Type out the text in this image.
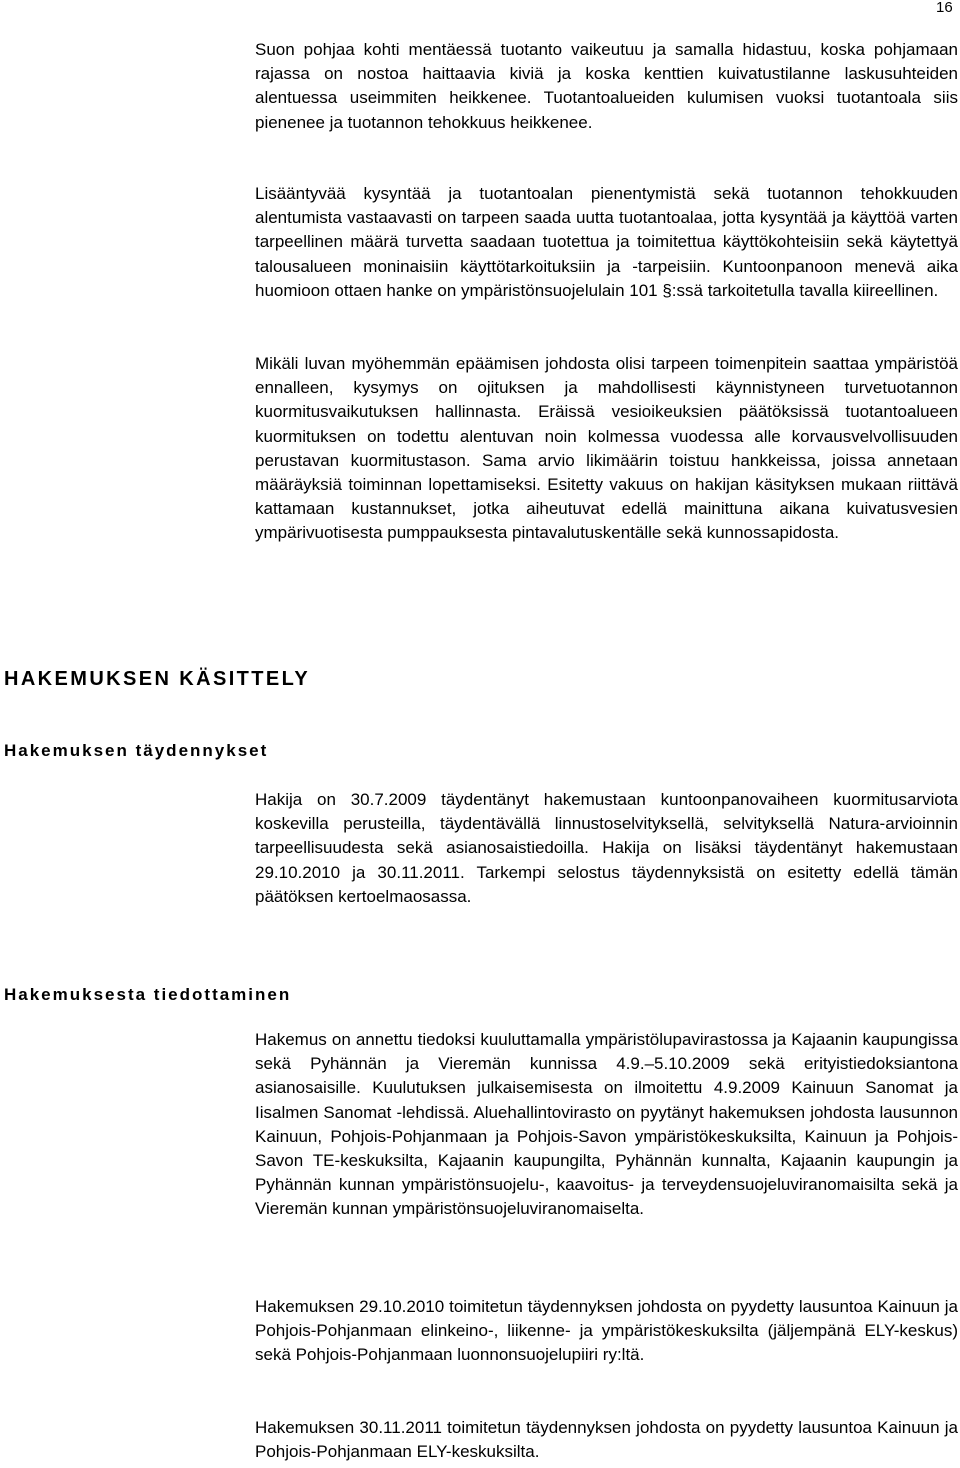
16

Suon pohjaa kohti mentäessä tuotanto vaikeutuu ja samalla hidastuu, koska pohjamaan rajassa on nostoa haittaavia kiviä ja koska kenttien kuivatustilanne laskusuhteiden alentuessa useimmiten heikkenee. Tuotantoalueiden kulumisen vuoksi tuotantoala siis pienenee ja tuotannon tehokkuus heikkenee.

Lisääntyvää kysyntää ja tuotantoalan pienentymistä sekä tuotannon tehokkuuden alentumista vastaavasti on tarpeen saada uutta tuotantoalaa, jotta kysyntää ja käyttöä varten tarpeellinen määrä turvetta saadaan tuotettua ja toimitettua käyttökohteisiin sekä käytettyä talousalueen moninaisiin käyttötarkoituksiin ja -tarpeisiin. Kuntoonpanoon menevä aika huomioon ottaen hanke on ympäristönsuojelulain 101 §:ssä tarkoitetulla tavalla kiireellinen.

Mikäli luvan myöhemmän epäämisen johdosta olisi tarpeen toimenpitein saattaa ympäristöä ennalleen, kysymys on ojituksen ja mahdollisesti käynnistyneen turvetuotannon kuormitusvaikutuksen hallinnasta. Eräissä vesioikeuksien päätöksissä tuotantoalueen kuormituksen on todettu alentuvan noin kolmessa vuodessa alle korvausvelvollisuuden perustavan kuormitustason. Sama arvio likimäärin toistuu hankkeissa, joissa annetaan määräyksiä toiminnan lopettamiseksi. Esitetty vakuus on hakijan käsityksen mukaan riittävä kattamaan kustannukset, jotka aiheutuvat edellä mainittuna aikana kuivatusvesien ympärivuotisesta pumppauksesta pintavalutuskentälle sekä kunnossapidosta.

HAKEMUKSEN KÄSITTELY
Hakemuksen täydennykset

Hakija on 30.7.2009 täydentänyt hakemustaan kuntoonpanovaiheen kuormitusarviota koskevilla perusteilla, täydentävällä linnustoselvityksellä, selvityksellä Natura-arvioinnin tarpeellisuudesta sekä asianosaistiedoilla. Hakija on lisäksi täydentänyt hakemustaan 29.10.2010 ja 30.11.2011. Tarkempi selostus täydennyksistä on esitetty edellä tämän päätöksen kertoelmaosassa.

Hakemuksesta tiedottaminen

Hakemus on annettu tiedoksi kuuluttamalla ympäristölupavirastossa ja Kajaanin kaupungissa sekä Pyhännän ja Vieremän kunnissa 4.9.–5.10.2009 sekä erityistiedoksiantona asianosaisille. Kuulutuksen julkaisemisesta on ilmoitettu 4.9.2009 Kainuun Sanomat ja Iisalmen Sanomat -lehdissä. Aluehallintovirasto on pyytänyt hakemuksen johdosta lausunnon Kainuun, Pohjois-Pohjanmaan ja Pohjois-Savon ympäristökeskuksilta, Kainuun ja Pohjois-Savon TE-keskuksilta, Kajaanin kaupungilta, Pyhännän kunnalta, Kajaanin kaupungin ja Pyhännän kunnan ympäristönsuojelu-, kaavoitus- ja terveydensuojeluviranomaisilta sekä ja Vieremän kunnan ympäristönsuojeluviranomaiselta.

Hakemuksen 29.10.2010 toimitetun täydennyksen johdosta on pyydetty lausuntoa Kainuun ja Pohjois-Pohjanmaan elinkeino-, liikenne- ja ympäristökeskuksilta (jäljempänä ELY-keskus) sekä Pohjois-Pohjanmaan luonnonsuojelupiiri ry:ltä.

Hakemuksen 30.11.2011 toimitetun täydennyksen johdosta on pyydetty lausuntoa Kainuun ja Pohjois-Pohjanmaan ELY-keskuksilta.
